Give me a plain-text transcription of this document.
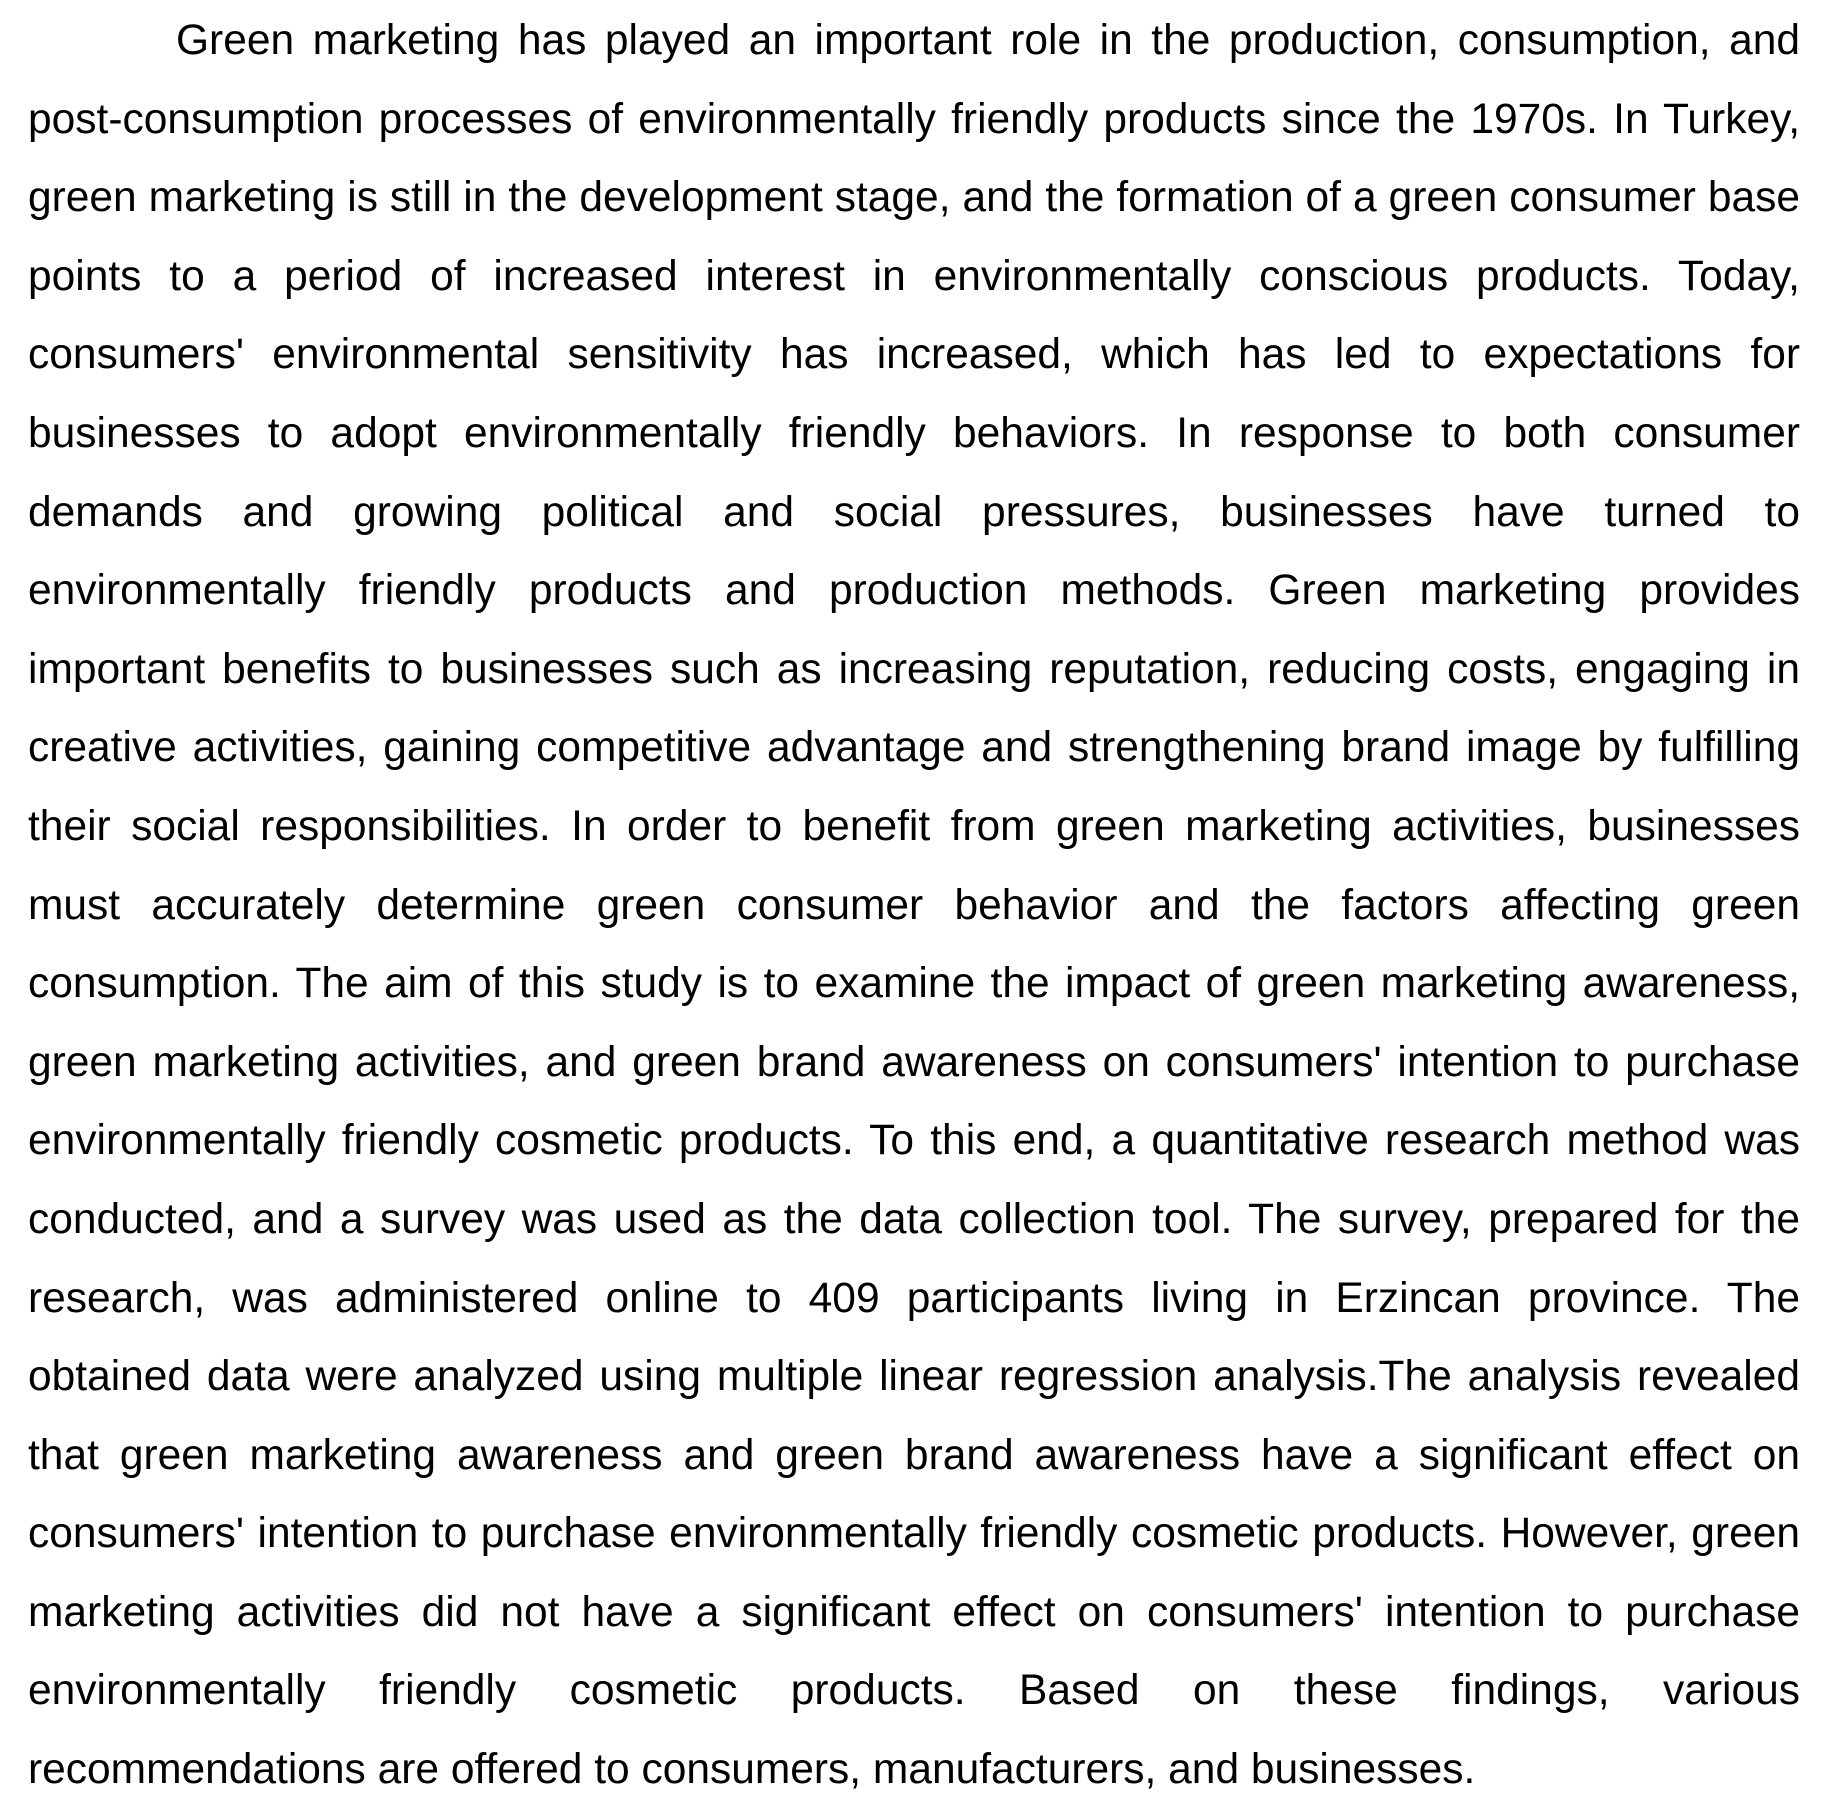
Green marketing has played an important role in the production, consumption, and post-consumption processes of environmentally friendly products since the 1970s. In Turkey, green marketing is still in the development stage, and the formation of a green consumer base points to a period of increased interest in environmentally conscious products. Today, consumers' environmental sensitivity has increased, which has led to expectations for businesses to adopt environmentally friendly behaviors. In response to both consumer demands and growing political and social pressures, businesses have turned to environmentally friendly products and production methods. Green marketing provides important benefits to businesses such as increasing reputation, reducing costs, engaging in creative activities, gaining competitive advantage and strengthening brand image by fulfilling their social responsibilities. In order to benefit from green marketing activities, businesses must accurately determine green consumer behavior and the factors affecting green consumption. The aim of this study is to examine the impact of green marketing awareness, green marketing activities, and green brand awareness on consumers' intention to purchase environmentally friendly cosmetic products. To this end, a quantitative research method was conducted, and a survey was used as the data collection tool. The survey, prepared for the research, was administered online to 409 participants living in Erzincan province. The obtained data were analyzed using multiple linear regression analysis.The analysis revealed that green marketing awareness and green brand awareness have a significant effect on consumers' intention to purchase environmentally friendly cosmetic products. However, green marketing activities did not have a significant effect on consumers' intention to purchase environmentally friendly cosmetic products. Based on these findings, various recommendations are offered to consumers, manufacturers, and businesses.
